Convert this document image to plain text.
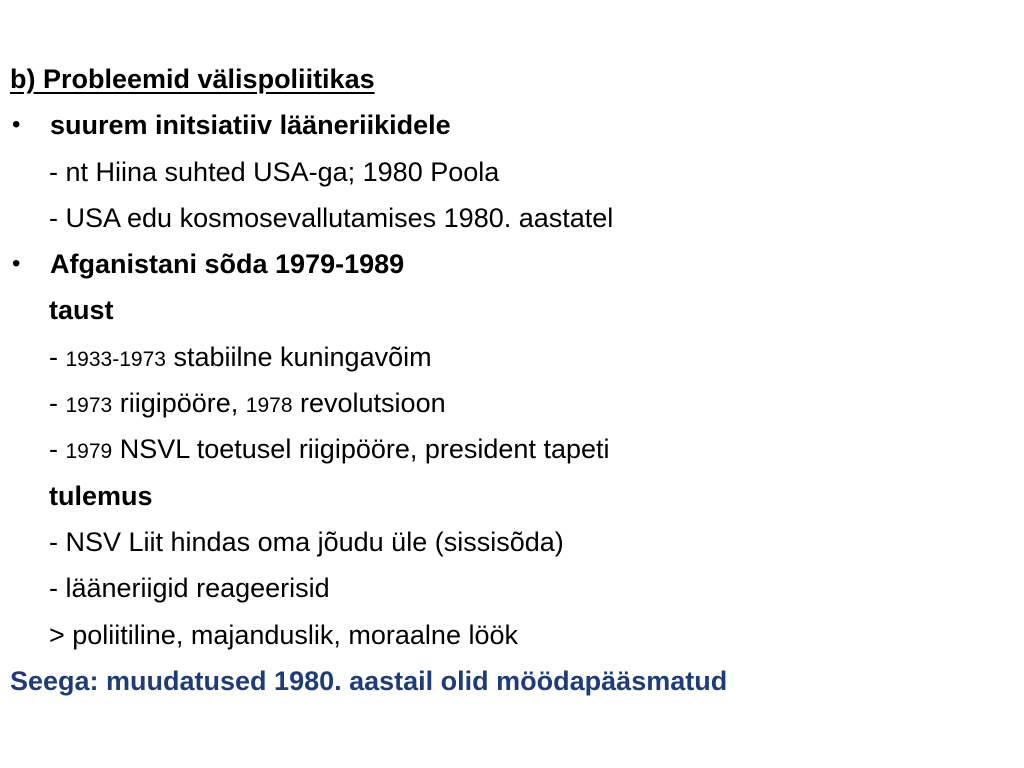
b) Probleemid välispoliitikas
•	suurem initsiatiiv lääneriikidele
- nt Hiina suhted USA-ga; 1980 Poola
- USA edu kosmosevallutamises 1980. aastatel
•	Afganistani sõda 1979-1989
taust
- 1933-1973 stabiilne kuningavõim
- 1973 riigipööre, 1978 revolutsioon
- 1979 NSVL toetusel riigipööre, president tapeti
tulemus
- NSV Liit hindas oma jõudu üle (sissisõda)
- lääneriigid reageerisid
> poliitiline, majanduslik, moraalne löök
Seega: muudatused 1980. aastail olid möödapääsmatud
